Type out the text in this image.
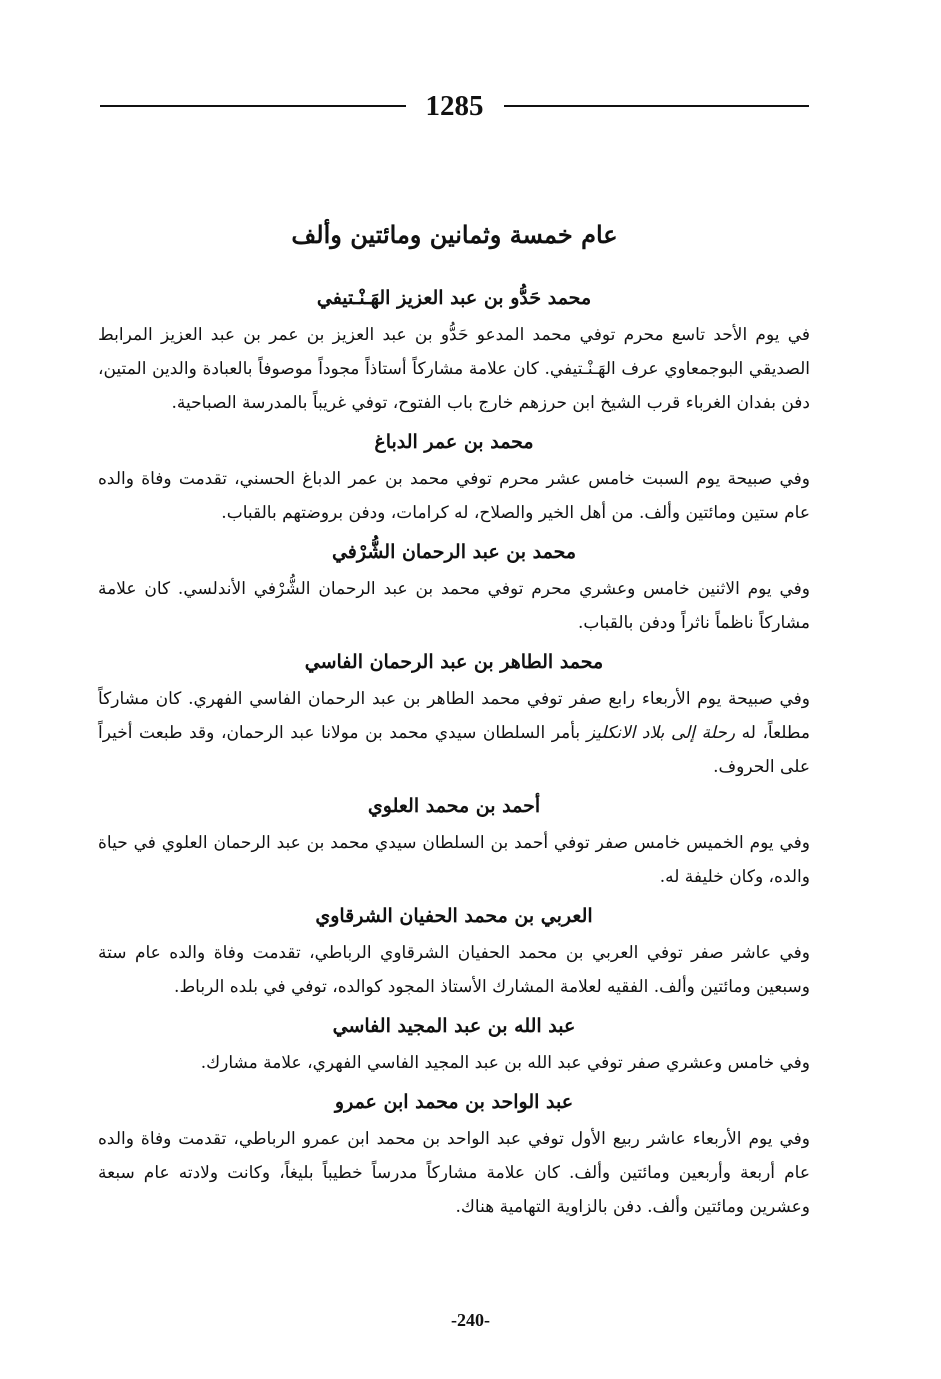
1285
عام خمسة وثمانين ومائتين وألف
محمد حَدُّو بن عبد العزيز الهَـنْـتيفي

في يوم الأحد تاسع محرم توفي محمد المدعو حَدُّو بن عبد العزيز بن عمر بن عبد العزيز المرابط الصديقي البوجمعاوي عرف الهَـنْـتيفي. كان علامة مشاركاً أستاذاً مجوداً موصوفاً بالعبادة والدين المتين، دفن بفدان الغرباء قرب الشيخ ابن حرزهم خارج باب الفتوح، توفي غريباً بالمدرسة الصباحية.

محمد بن عمر الدباغ

وفي صبيحة يوم السبت خامس عشر محرم توفي محمد بن عمر الدباغ الحسني، تقدمت وفاة والده عام ستين ومائتين وألف. من أهل الخير والصلاح، له كرامات، ودفن بروضتهم بالقباب.

محمد بن عبد الرحمان الشُّرْفي

وفي يوم الاثنين خامس وعشري محرم توفي محمد بن عبد الرحمان الشُّرْفي الأندلسي. كان علامة مشاركاً ناظماً ناثراً ودفن بالقباب.

محمد الطاهر بن عبد الرحمان الفاسي

وفي صبيحة يوم الأربعاء رابع صفر توفي محمد الطاهر بن عبد الرحمان الفاسي الفهري. كان مشاركاً مطلعاً، له رحلة إلى بلاد الانكليز بأمر السلطان سيدي محمد بن مولانا عبد الرحمان، وقد طبعت أخيراً على الحروف.

أحمد بن محمد العلوي

وفي يوم الخميس خامس صفر توفي أحمد بن السلطان سيدي محمد بن عبد الرحمان العلوي في حياة والده، وكان خليفة له.

العربي بن محمد الحفيان الشرقاوي

وفي عاشر صفر توفي العربي بن محمد الحفيان الشرقاوي الرباطي، تقدمت وفاة والده عام ستة وسبعين ومائتين وألف. الفقيه لعلامة المشارك الأستاذ المجود كوالده، توفي في بلده الرباط.

عبد الله بن عبد المجيد الفاسي

وفي خامس وعشري صفر توفي عبد الله بن عبد المجيد الفاسي الفهري، علامة مشارك.

عبد الواحد بن محمد ابن عمرو

وفي يوم الأربعاء عاشر ربيع الأول توفي عبد الواحد بن محمد ابن عمرو الرباطي، تقدمت وفاة والده عام أربعة وأربعين ومائتين وألف. كان علامة مشاركاً مدرساً خطيباً بليغاً، وكانت ولادته عام سبعة وعشرين ومائتين وألف. دفن بالزاوية التهامية هناك.

-240-
